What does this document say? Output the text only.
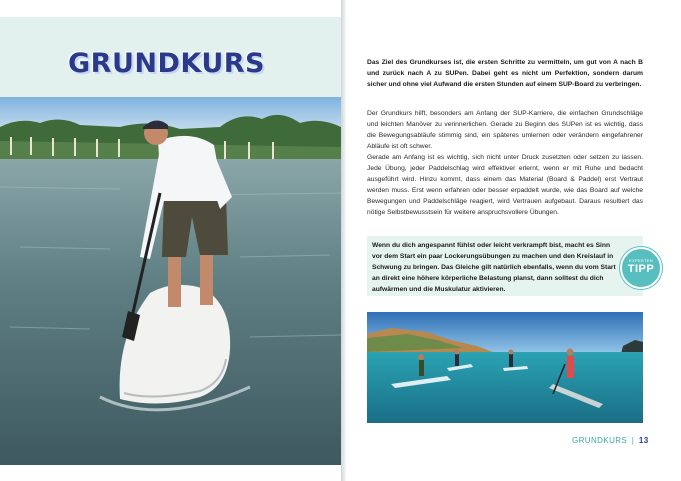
GRUNDKURS	Das Ziel des Grundkurses ist, die ersten Schritte zu vermitteln, um gut von A nach B und zurück nach A zu SUPen. Dabei geht es nicht um Perfektion, sondern darum sicher und ohne viel Aufwand die ersten Stunden auf einem SUP-Board zu verbringen.

Der Grundkurs hilft, besonders am Anfang der SUP-Karriere, die einfachen Grundschläge und leichten Manöver zu verinnerlichen. Gerade zu Beginn des SUPen ist es wichtig, dass die Bewegungsabläufe stimmig sind, ein späteres umlernen oder verändern eingefahrener Abläufe ist oft schwer.

Gerade am Anfang ist es wichtig, sich nicht unter Druck zusetzten oder setzen zu lassen. Jede Übung, jeder Paddelschlag wird effektiver erlernt, wenn er mit Ruhe und bedacht ausgeführt wird. Hinzu kommt, dass einem das Material (Board & Paddel) erst Vertraut werden muss. Erst wenn erfahren oder besser erpaddelt wurde, wie das Board auf welche Bewegungen und Paddelschläge reagiert, wird Vertrauen aufgebaut. Daraus resultiert das nötige Selbstbewusstsein für weitere anspruchsvollere Übungen.

Wenn du dich angespannt fühlst oder leicht verkrampft bist, macht es Sinn vor dem Start ein paar Lockerungsübungen zu machen und den Kreislauf in Schwung zu bringen. Das Gleiche gilt natürlich ebenfalls, wenn du vom Start an direkt eine höhere körperliche Belastung planst, dann solltest du dich aufwärmen und die Muskulatur aktivieren.

EXPERTEN
TIPP
GRUNDKURS | 13
